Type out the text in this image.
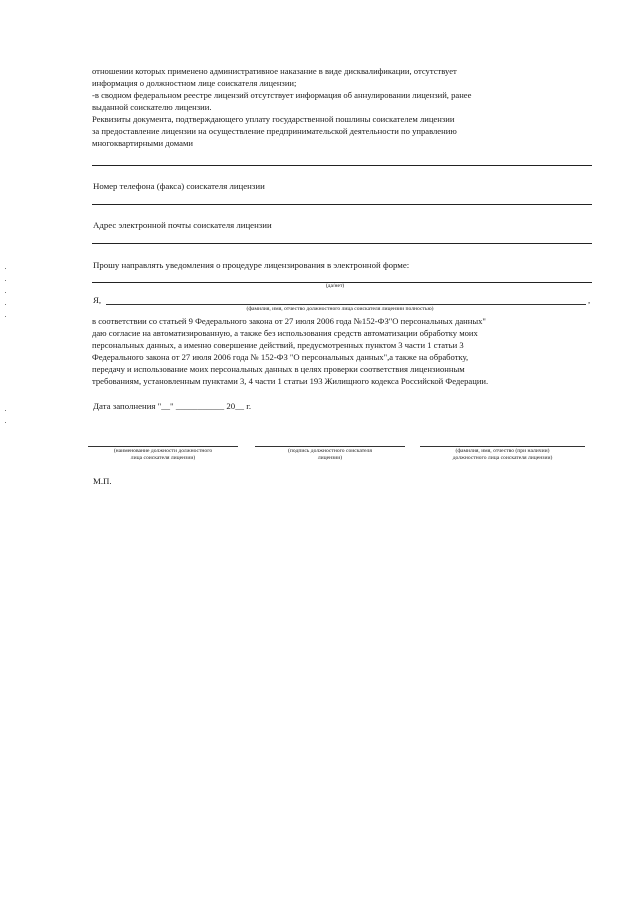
отношении которых применено административное наказание в виде дисквалификации, отсутствует

информация о должностном лице соискателя лицензии;

-в сводном федеральном реестре лицензий отсутствует информация об аннулировании лицензий, ранее

выданной соискателю лицензии.

Реквизиты документа, подтверждающего уплату государственной пошлины соискателем лицензии

за предоставление лицензии на осуществление предпринимательской деятельности по управлению

многоквартирными домами

Номер телефона (факса) соискателя лицензии
Адрес электронной почты соискателя лицензии
Прошу направлять уведомления о процедуре лицензирования в электронной форме:
(да/нет)
Я,	,
(фамилия, имя, отчество должностного лица соискателя лицензии полностью)

в соответствии со статьей 9 Федерального закона от 27 июля 2006 года №152-ФЗ"О персональных данных"

даю согласие на автоматизированную, а также без использования средств автоматизации обработку моих

персональных данных, а именно совершение действий, предусмотренных пунктом 3 части 1 статьи 3

Федерального закона от 27 июля 2006 года № 152-ФЗ "О персональных данных",а также на обработку,

передачу и использование моих персональных данных в целях проверки соответствия лицензионным

требованиям, установленным пунктами 3, 4 части 1 статьи 193 Жилищного кодекса Российской Федерации.

Дата заполнения "__" ___________ 20__ г.
(наименование должности должностного
лица соискателя лицензии)
(подпись должностного соискателя
лицензии)
(фамилия, имя, отчество (при наличии)
должностного лица соискателя лицензии)
М.П.
